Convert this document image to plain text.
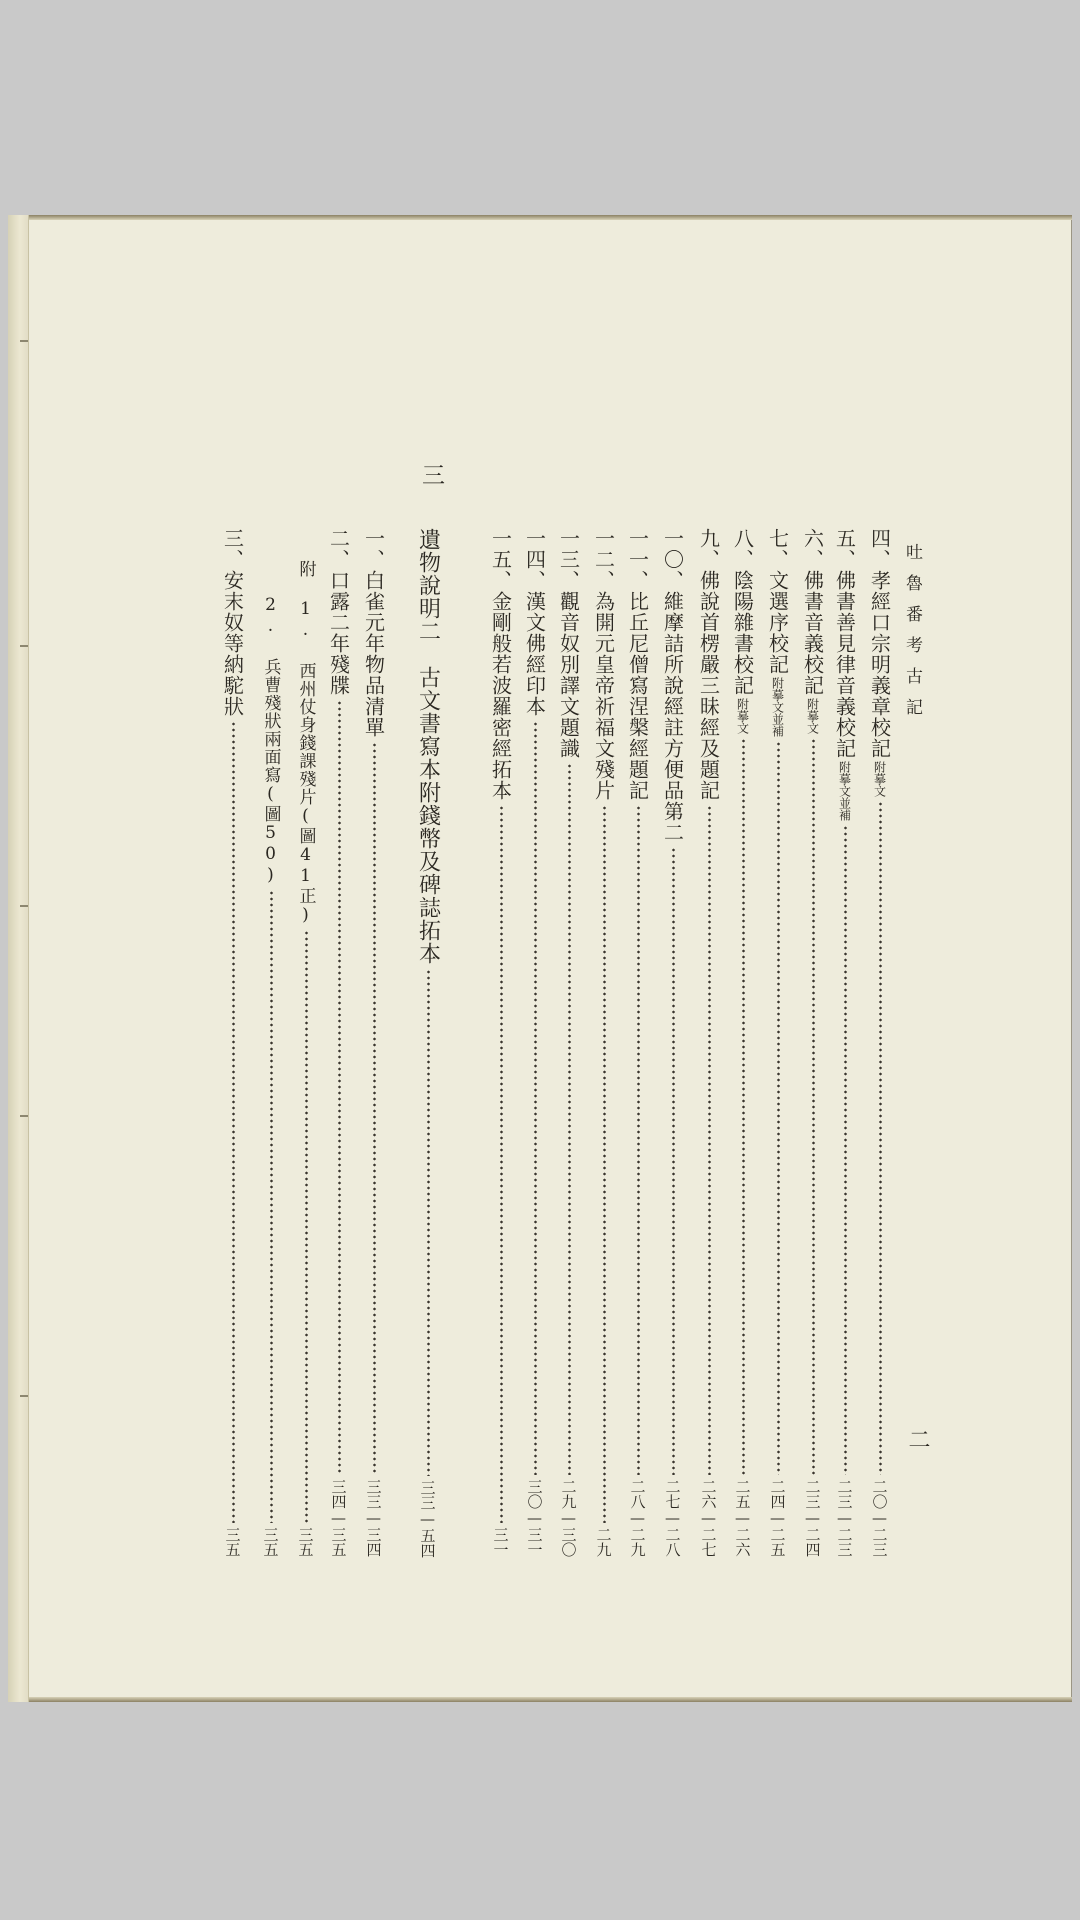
吐魯番考古記
二
四、孝經口宗明義章校記
附摹文
二〇—二三
五、佛書善見律音義校記
附摹文並補
二三—二三
六、佛書音義校記
附摹文
二三—二四
七、文選序校記
附摹文並補
二四—二五
八、陰陽雜書校記
附摹文
二五—二六
九、佛說首楞嚴三昧經及題記
二六—二七
一〇、維摩詰所說經註方便品第二
二七—二八
一一、比丘尼僧寫涅槃經題記
二八—二九
一二、為開元皇帝祈福文殘片
二九
一三、觀音奴別譯文題識
二九—三〇
一四、漢文佛經印本
三〇—三一
一五、金剛般若波羅密經拓本
三一
三
遺物說明二　古文書寫本附錢幣及碑誌拓本
三三—五四
一、白雀元年物品清單
三三—三四
二、口露二年殘牒
三四—三五
附 1. 西州仗身錢課殘片(圖41正)
三五
2. 兵曹殘狀兩面寫(圖50)
三五
三、安末奴等納駝狀
三五
